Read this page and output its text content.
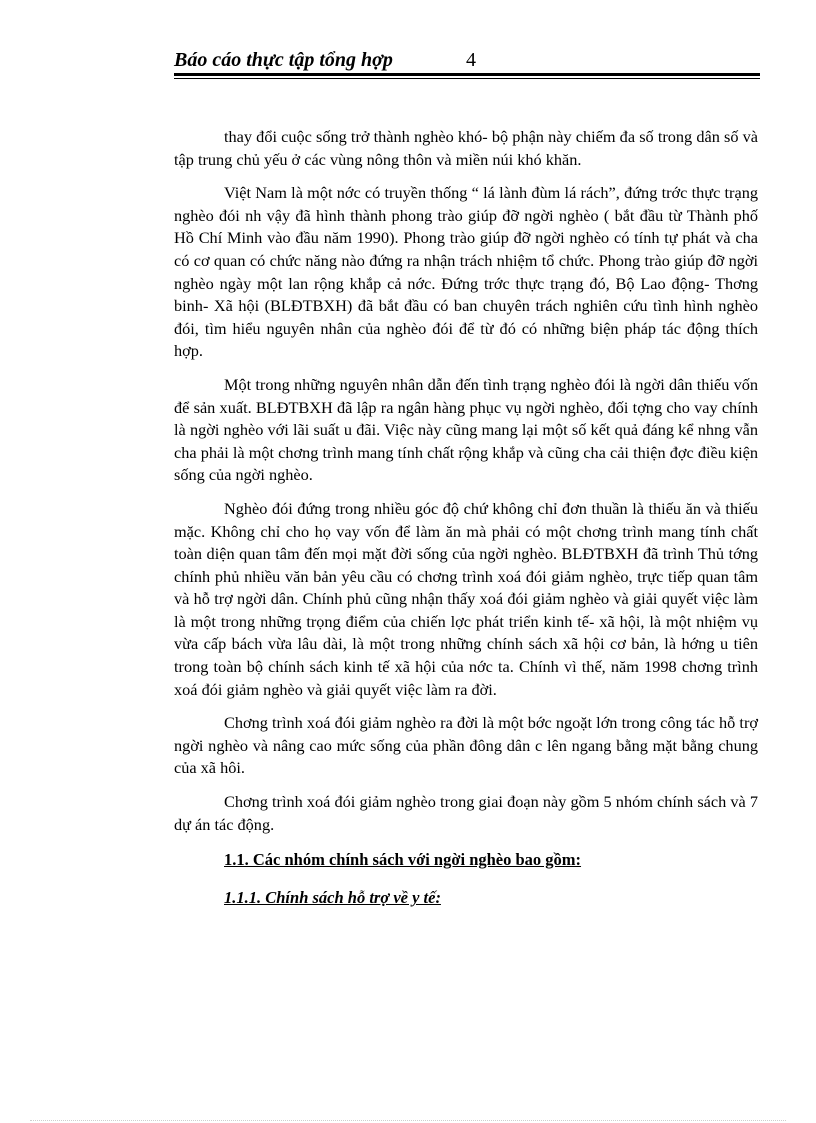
Báo cáo thực tập tổng hợp	4

thay đổi cuộc sống trở thành nghèo khó- bộ phận này chiếm đa số trong dân số và tập trung chủ yếu ở các vùng nông thôn và miền núi khó khăn.

Việt Nam là một nớc có truyền thống “ lá lành đùm lá rách”, đứng trớc thực trạng nghèo đói nh vậy đã hình thành phong trào giúp đỡ ngời nghèo ( bắt đầu từ Thành phố Hồ Chí Minh vào đầu năm 1990). Phong trào giúp đỡ ngời nghèo có tính tự phát và cha có cơ quan có chức năng nào đứng ra nhận trách nhiệm tổ chức. Phong trào giúp đỡ ngời nghèo ngày một lan rộng khắp cả nớc. Đứng trớc thực trạng đó, Bộ Lao động- Thơng binh- Xã hội (BLĐTBXH) đã bắt đầu có ban chuyên trách nghiên cứu tình hình nghèo đói, tìm hiểu nguyên nhân của nghèo đói để từ đó có những biện pháp tác động thích hợp.

Một trong những nguyên nhân dẫn đến tình trạng nghèo đói là ngời dân thiếu vốn để sản xuất. BLĐTBXH đã lập ra ngân hàng phục vụ ngời nghèo, đối tợng cho vay chính là ngời nghèo với lãi suất u đãi. Việc này cũng mang lại một số kết quả đáng kể nhng vẫn cha phải là một chơng trình mang tính chất rộng khắp và cũng cha cải thiện đợc điều kiện sống của ngời nghèo.

Nghèo đói đứng trong nhiều góc độ chứ không chỉ đơn thuần là thiếu ăn và thiếu mặc. Không chỉ cho họ vay vốn để làm ăn mà phải có một chơng trình mang tính chất toàn diện quan tâm đến mọi mặt đời sống của ngời nghèo. BLĐTBXH đã trình Thủ tớng chính phủ nhiều văn bản yêu cầu có chơng trình xoá đói giảm nghèo, trực tiếp quan tâm và hỗ trợ ngời dân. Chính phủ cũng nhận thấy xoá đói giảm nghèo và giải quyết việc làm là một trong những trọng điểm của chiến lợc phát triển kinh tế- xã hội, là một nhiệm vụ vừa cấp bách vừa lâu dài, là một trong những chính sách xã hội cơ bản, là hớng u tiên trong toàn bộ chính sách kinh tế xã hội của nớc ta. Chính vì thế, năm 1998 chơng trình xoá đói giảm nghèo và giải quyết việc làm ra đời.

Chơng trình xoá đói giảm nghèo ra đời là một bớc ngoặt lớn trong công tác hỗ trợ ngời nghèo và nâng cao mức sống của phần đông dân c lên ngang bằng mặt bằng chung của xã hôi.

Chơng trình xoá đói giảm nghèo trong giai đoạn này gồm 5 nhóm chính sách và 7 dự án tác động.

1.1. Các nhóm chính sách với ngời nghèo bao gồm:
1.1.1. Chính sách hỗ trợ về y tế:
